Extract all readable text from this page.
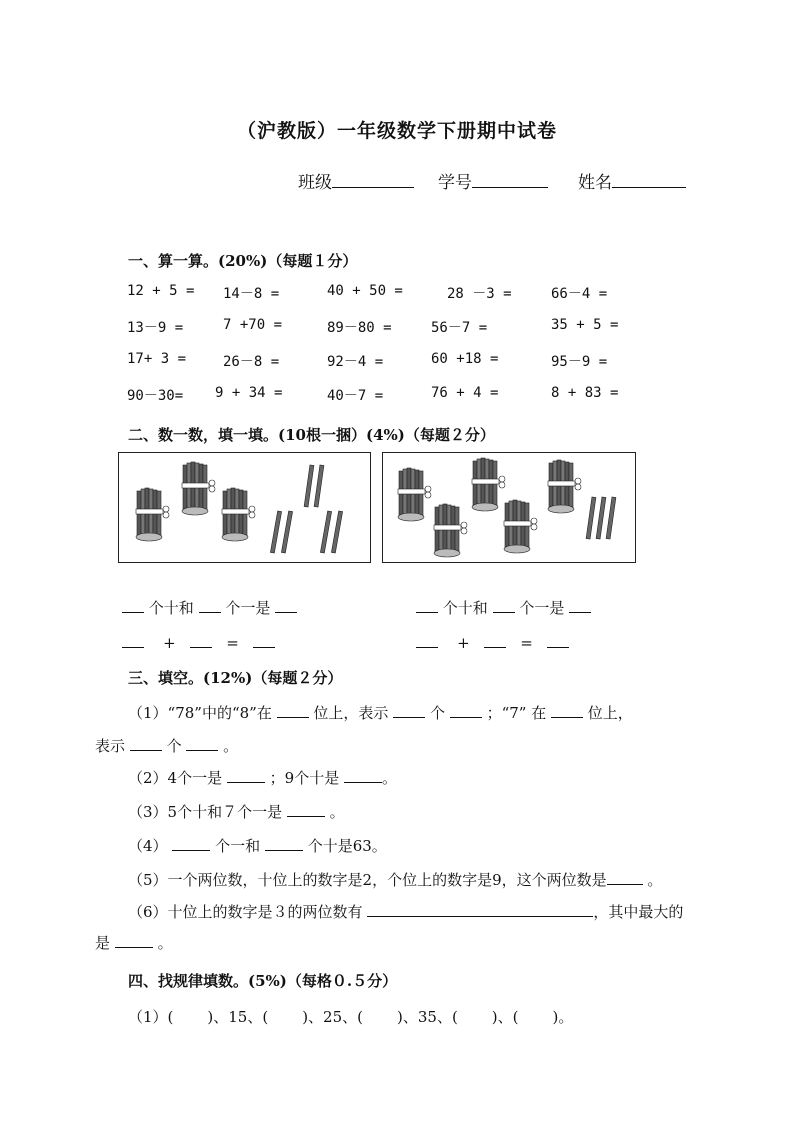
（沪教版）一年级数学下册期中试卷
班级	学号	姓名
一、算一算。(20%)（每题１分）
12 + 5 = 14－8 =	40 + 50 =	28 －3 =	66－4 =
13－9 =	7 +70 =	89－80 =	56－7 =	35 + 5 =
17+ 3 =	26－8 =	92－4 =	60 +18 =	95－9 =
90－30= 9 + 34 =	40－7 =	76 + 4 =	8 + 83 =
二、数一数，填一填。(10根一捆）(4%)（每题２分）
个十和 个一是
+	=
个十和 个一是
+	=
三、填空。(12%)（每题２分）
（1）“78”中的“8”在	位上，表示	个	；“7” 在	位上，
表示	个	。
（2）4个一是	；9个十是	。
（3）5个十和７个一是	。
（4）	个一和	个十是63。
（5）一个两位数，十位上的数字是2，个位上的数字是9，这个两位数是	。
（6）十位上的数字是３的两位数有	，其中最大的
是	。
四、找规律填数。(5%)（每格０.５分）
（1）( )、15、( )、25、( )、35、( )、( )。
